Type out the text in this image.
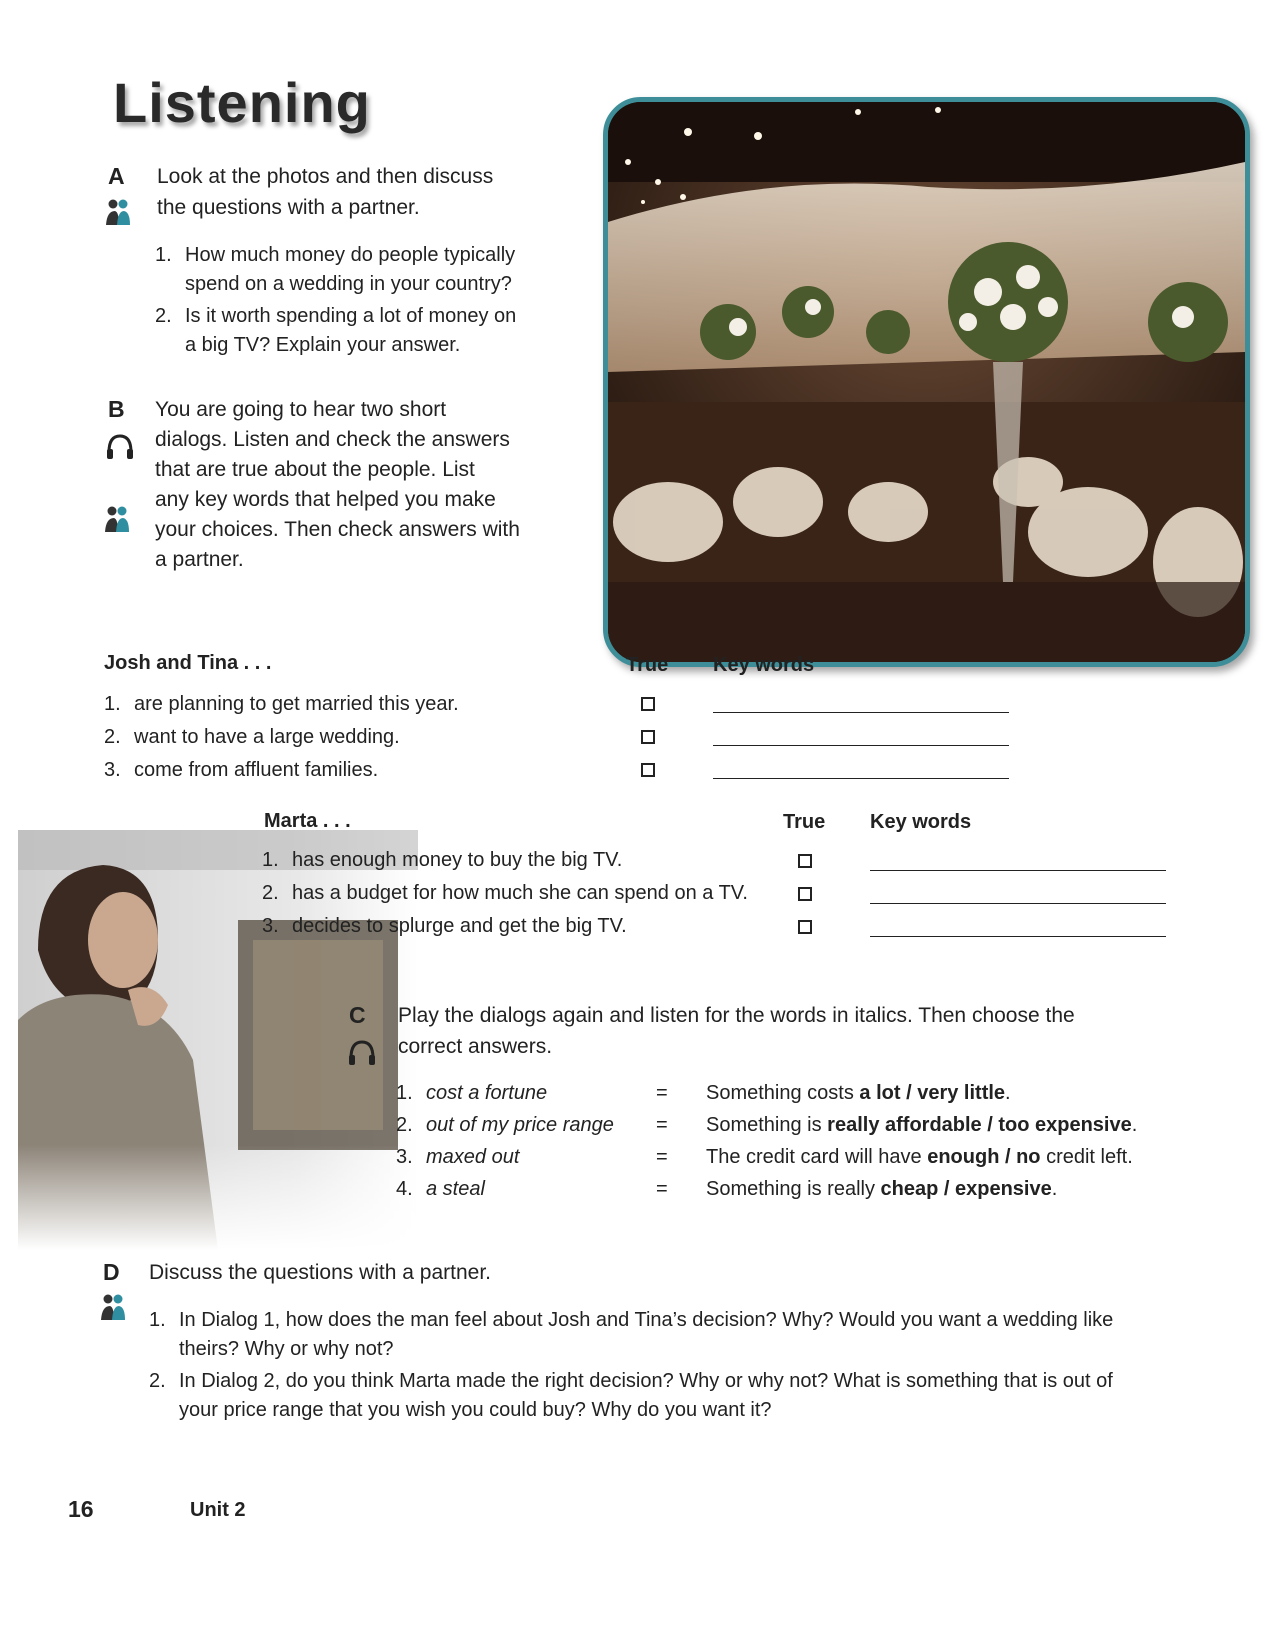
Listening
A Look at the photos and then discuss
the questions with a partner.
1. How much money do people typically
spend on a wedding in your country?
2. Is it worth spending a lot of money on
a big TV? Explain your answer.
B You are going to hear two short
dialogs. Listen and check the answers
that are true about the people. List
any key words that helped you make
your choices. Then check answers with
a partner.
Josh and Tina . . .	True Key words
1. are planning to get married this year.
2. want to have a large wedding.
3. come from affluent families.
Marta . . .	True Key words
1. has enough money to buy the big TV.
2. has a budget for how much she can spend on a TV.
3. decides to splurge and get the big TV.
C Play the dialogs again and listen for the words in italics. Then choose the
correct answers.
1. cost a fortune	= Something costs a lot / very little.
2. out of my price range = Something is really affordable / too expensive.
3. maxed out	= The credit card will have enough / no credit left.
4. a steal	= Something is really cheap / expensive.
D Discuss the questions with a partner.
1. In Dialog 1, how does the man feel about Josh and Tina’s decision? Why? Would you want a wedding like
theirs? Why or why not?
2. In Dialog 2, do you think Marta made the right decision? Why or why not? What is something that is out of
your price range that you wish you could buy? Why do you want it?
16	Unit 2
